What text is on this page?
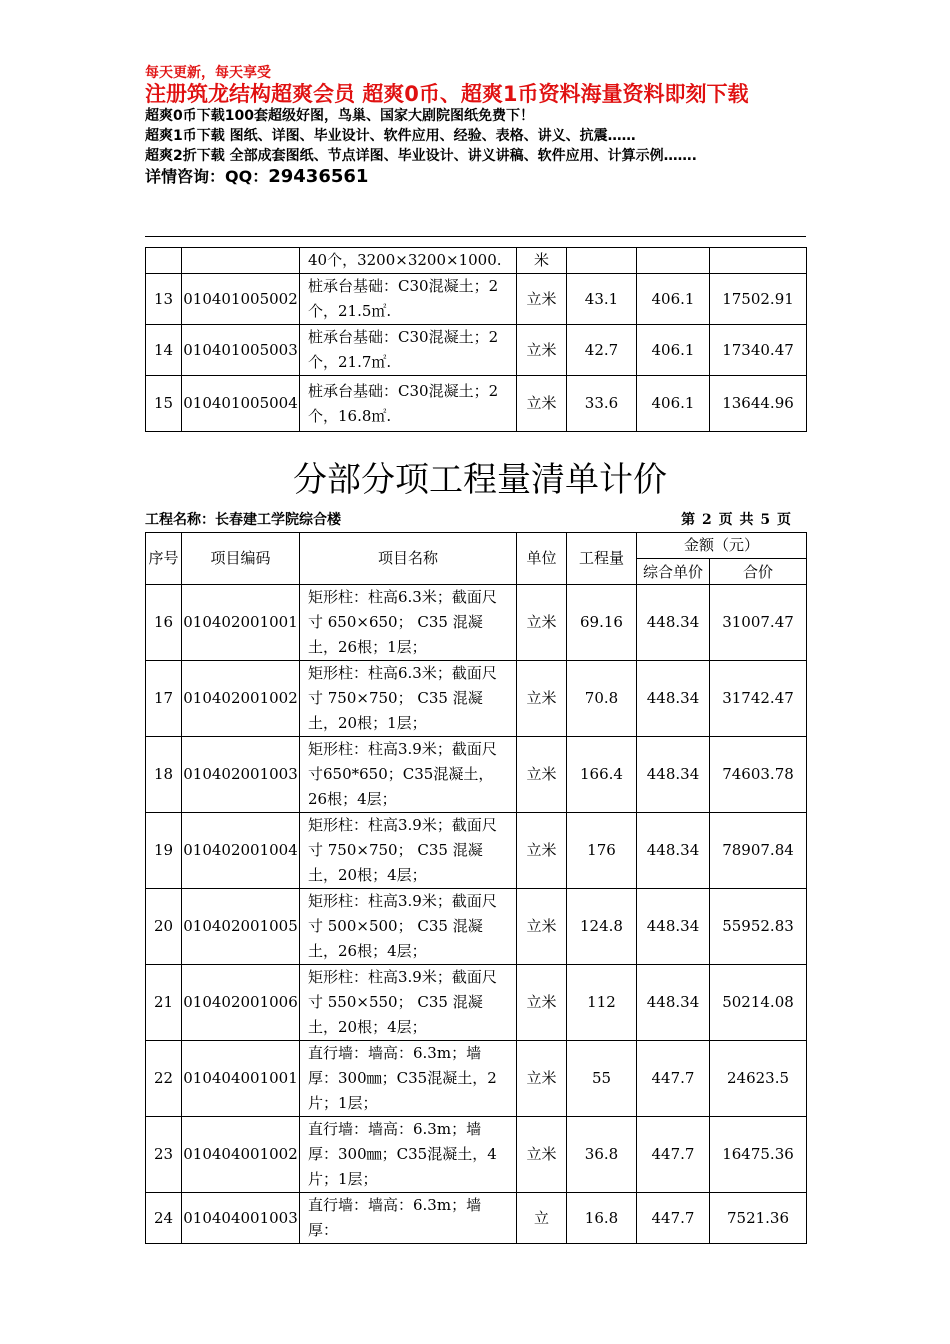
每天更新，每天享受
注册筑龙结构超爽会员 超爽0币、超爽1币资料海量资料即刻下载
超爽0币下载100套超级好图，鸟巢、国家大剧院图纸免费下！
超爽1币下载 图纸、详图、毕业设计、软件应用、经验、表格、讲义、抗震……
超爽2折下载 全部成套图纸、节点详图、毕业设计、讲义讲稿、软件应用、计算示例…….
详情咨询：QQ：29436561
		40个，3200×3200×1000.	米			
13	010401005002	桩承台基础：C30混凝土；2个，21.5㎡.	立米	43.1	406.1	17502.91
14	010401005003	桩承台基础：C30混凝土；2个，21.7㎡.	立米	42.7	406.1	17340.47
15	010401005004	桩承台基础：C30混凝土；2个，16.8㎡.	立米	33.6	406.1	13644.96
分部分项工程量清单计价
工程名称：长春建工学院综合楼	第 2 页 共 5 页
序号	项目编码	项目名称	单位	工程量	金额（元）	
					综合单价	合价
16	010402001001	矩形柱：柱高6.3米；截面尺寸 650×650； C35 混凝土，26根；1层；	立米	69.16	448.34	31007.47
17	010402001002	矩形柱：柱高6.3米；截面尺寸 750×750； C35 混凝土，20根；1层；	立米	70.8	448.34	31742.47
18	010402001003	矩形柱：柱高3.9米；截面尺寸650*650；C35混凝土，26根；4层；	立米	166.4	448.34	74603.78
19	010402001004	矩形柱：柱高3.9米；截面尺寸 750×750； C35 混凝土，20根；4层；	立米	176	448.34	78907.84
20	010402001005	矩形柱：柱高3.9米；截面尺寸 500×500； C35 混凝土，26根；4层；	立米	124.8	448.34	55952.83
21	010402001006	矩形柱：柱高3.9米；截面尺寸 550×550； C35 混凝土，20根；4层；	立米	112	448.34	50214.08
22	010404001001	直行墙：墙高：6.3m；墙厚：300㎜；C35混凝土，2片；1层；	立米	55	447.7	24623.5
23	010404001002	直行墙：墙高：6.3m；墙厚：300㎜；C35混凝土，4片；1层；	立米	36.8	447.7	16475.36
24	010404001003	直行墙：墙高：6.3m；墙厚：	立	16.8	447.7	7521.36
